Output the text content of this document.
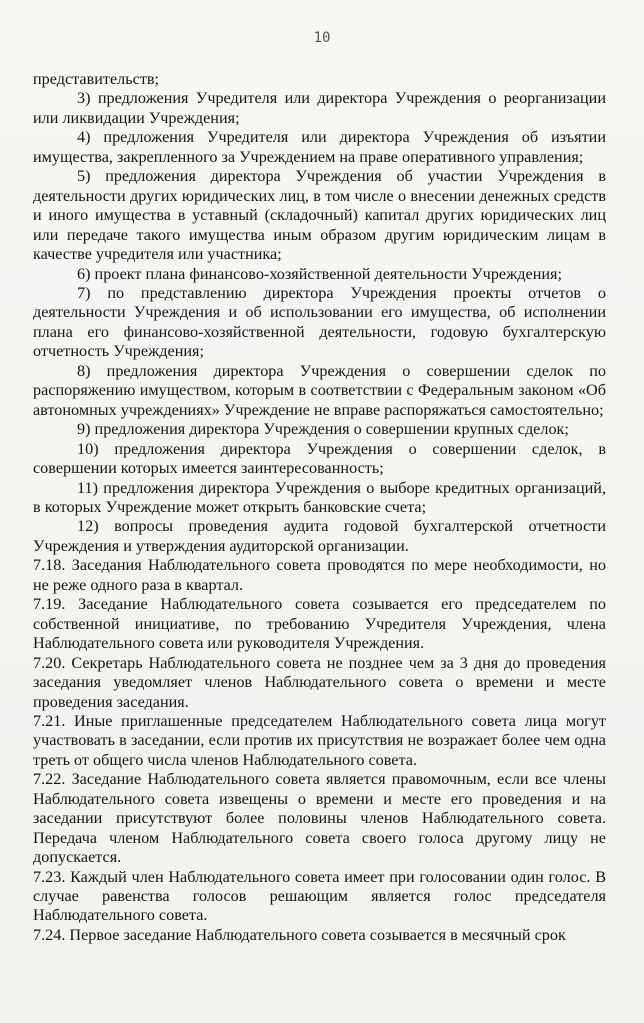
10

представительств;

3) предложения Учредителя или директора Учреждения о реорганизации или ликвидации Учреждения;

4) предложения Учредителя или директора Учреждения об изъятии имущества, закрепленного за Учреждением на праве оперативного управления;

5) предложения директора Учреждения об участии Учреждения в деятельности других юридических лиц, в том числе о внесении денежных средств и иного имущества в уставный (складочный) капитал других юридических лиц или передаче такого имущества иным образом другим юридическим лицам в качестве учредителя или участника;

6) проект плана финансово-хозяйственной деятельности Учреждения;

7) по представлению директора Учреждения проекты отчетов о деятельности Учреждения и об использовании его имущества, об исполнении плана его финансово-хозяйственной деятельности, годовую бухгалтерскую отчетность Учреждения;

8) предложения директора Учреждения о совершении сделок по распоряжению имуществом, которым в соответствии с Федеральным законом «Об автономных учреждениях» Учреждение не вправе распоряжаться самостоятельно;

9) предложения директора Учреждения о совершении крупных сделок;

10) предложения директора Учреждения о совершении сделок, в совершении которых имеется заинтересованность;

11) предложения директора Учреждения о выборе кредитных организаций, в которых Учреждение может открыть банковские счета;

12) вопросы проведения аудита годовой бухгалтерской отчетности Учреждения и утверждения аудиторской организации.

7.18. Заседания Наблюдательного совета проводятся по мере необходимости, но не реже одного раза в квартал.

7.19. Заседание Наблюдательного совета созывается его председателем по собственной инициативе, по требованию Учредителя Учреждения, члена Наблюдательного совета или руководителя Учреждения.

7.20. Секретарь Наблюдательного совета не позднее чем за 3 дня до проведения заседания уведомляет членов Наблюдательного совета о времени и месте проведения заседания.

7.21. Иные приглашенные председателем Наблюдательного совета лица могут участвовать в заседании, если против их присутствия не возражает более чем одна треть от общего числа членов Наблюдательного совета.

7.22. Заседание Наблюдательного совета является правомочным, если все члены Наблюдательного совета извещены о времени и месте его проведения и на заседании присутствуют более половины членов Наблюдательного совета. Передача членом Наблюдательного совета своего голоса другому лицу не допускается.

7.23. Каждый член Наблюдательного совета имеет при голосовании один голос. В случае равенства голосов решающим является голос председателя Наблюдательного совета.

7.24. Первое заседание Наблюдательного совета созывается в месячный срок
